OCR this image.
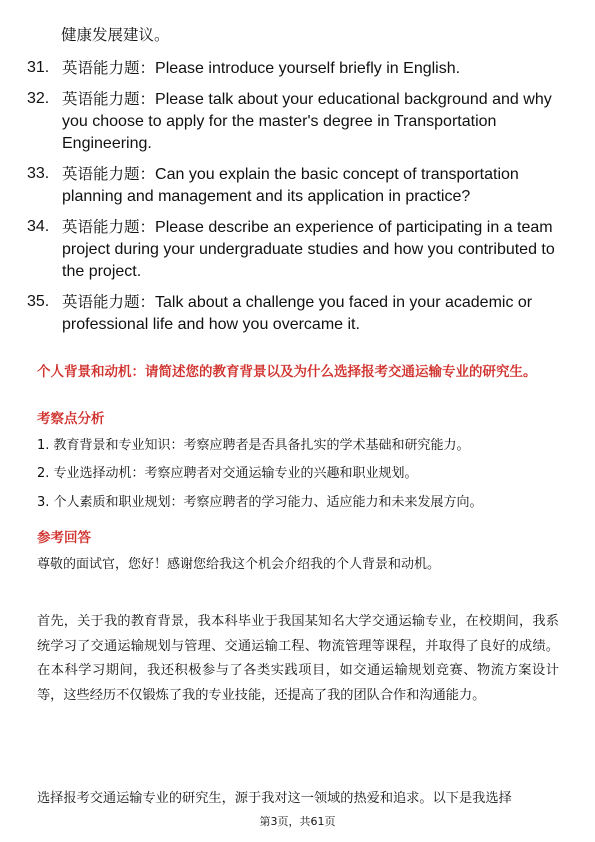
健康发展建议。
31. 英语能力题：Please introduce yourself briefly in English.
32. 英语能力题：Please talk about your educational background and why you choose to apply for the master's degree in Transportation Engineering.
33. 英语能力题：Can you explain the basic concept of transportation planning and management and its application in practice?
34. 英语能力题：Please describe an experience of participating in a team project during your undergraduate studies and how you contributed to the project.
35. 英语能力题：Talk about a challenge you faced in your academic or professional life and how you overcame it.
个人背景和动机：请简述您的教育背景以及为什么选择报考交通运输专业的研究生。
考察点分析

1. 教育背景和专业知识：考察应聘者是否具备扎实的学术基础和研究能力。

2. 专业选择动机：考察应聘者对交通运输专业的兴趣和职业规划。

3. 个人素质和职业规划：考察应聘者的学习能力、适应能力和未来发展方向。

参考回答

尊敬的面试官，您好！感谢您给我这个机会介绍我的个人背景和动机。

首先，关于我的教育背景，我本科毕业于我国某知名大学交通运输专业，在校期间，我系统学习了交通运输规划与管理、交通运输工程、物流管理等课程，并取得了良好的成绩。在本科学习期间，我还积极参与了各类实践项目，如交通运输规划竞赛、物流方案设计等，这些经历不仅锻炼了我的专业技能，还提高了我的团队合作和沟通能力。

选择报考交通运输专业的研究生，源于我对这一领域的热爱和追求。以下是我选择

第3页，共61页
